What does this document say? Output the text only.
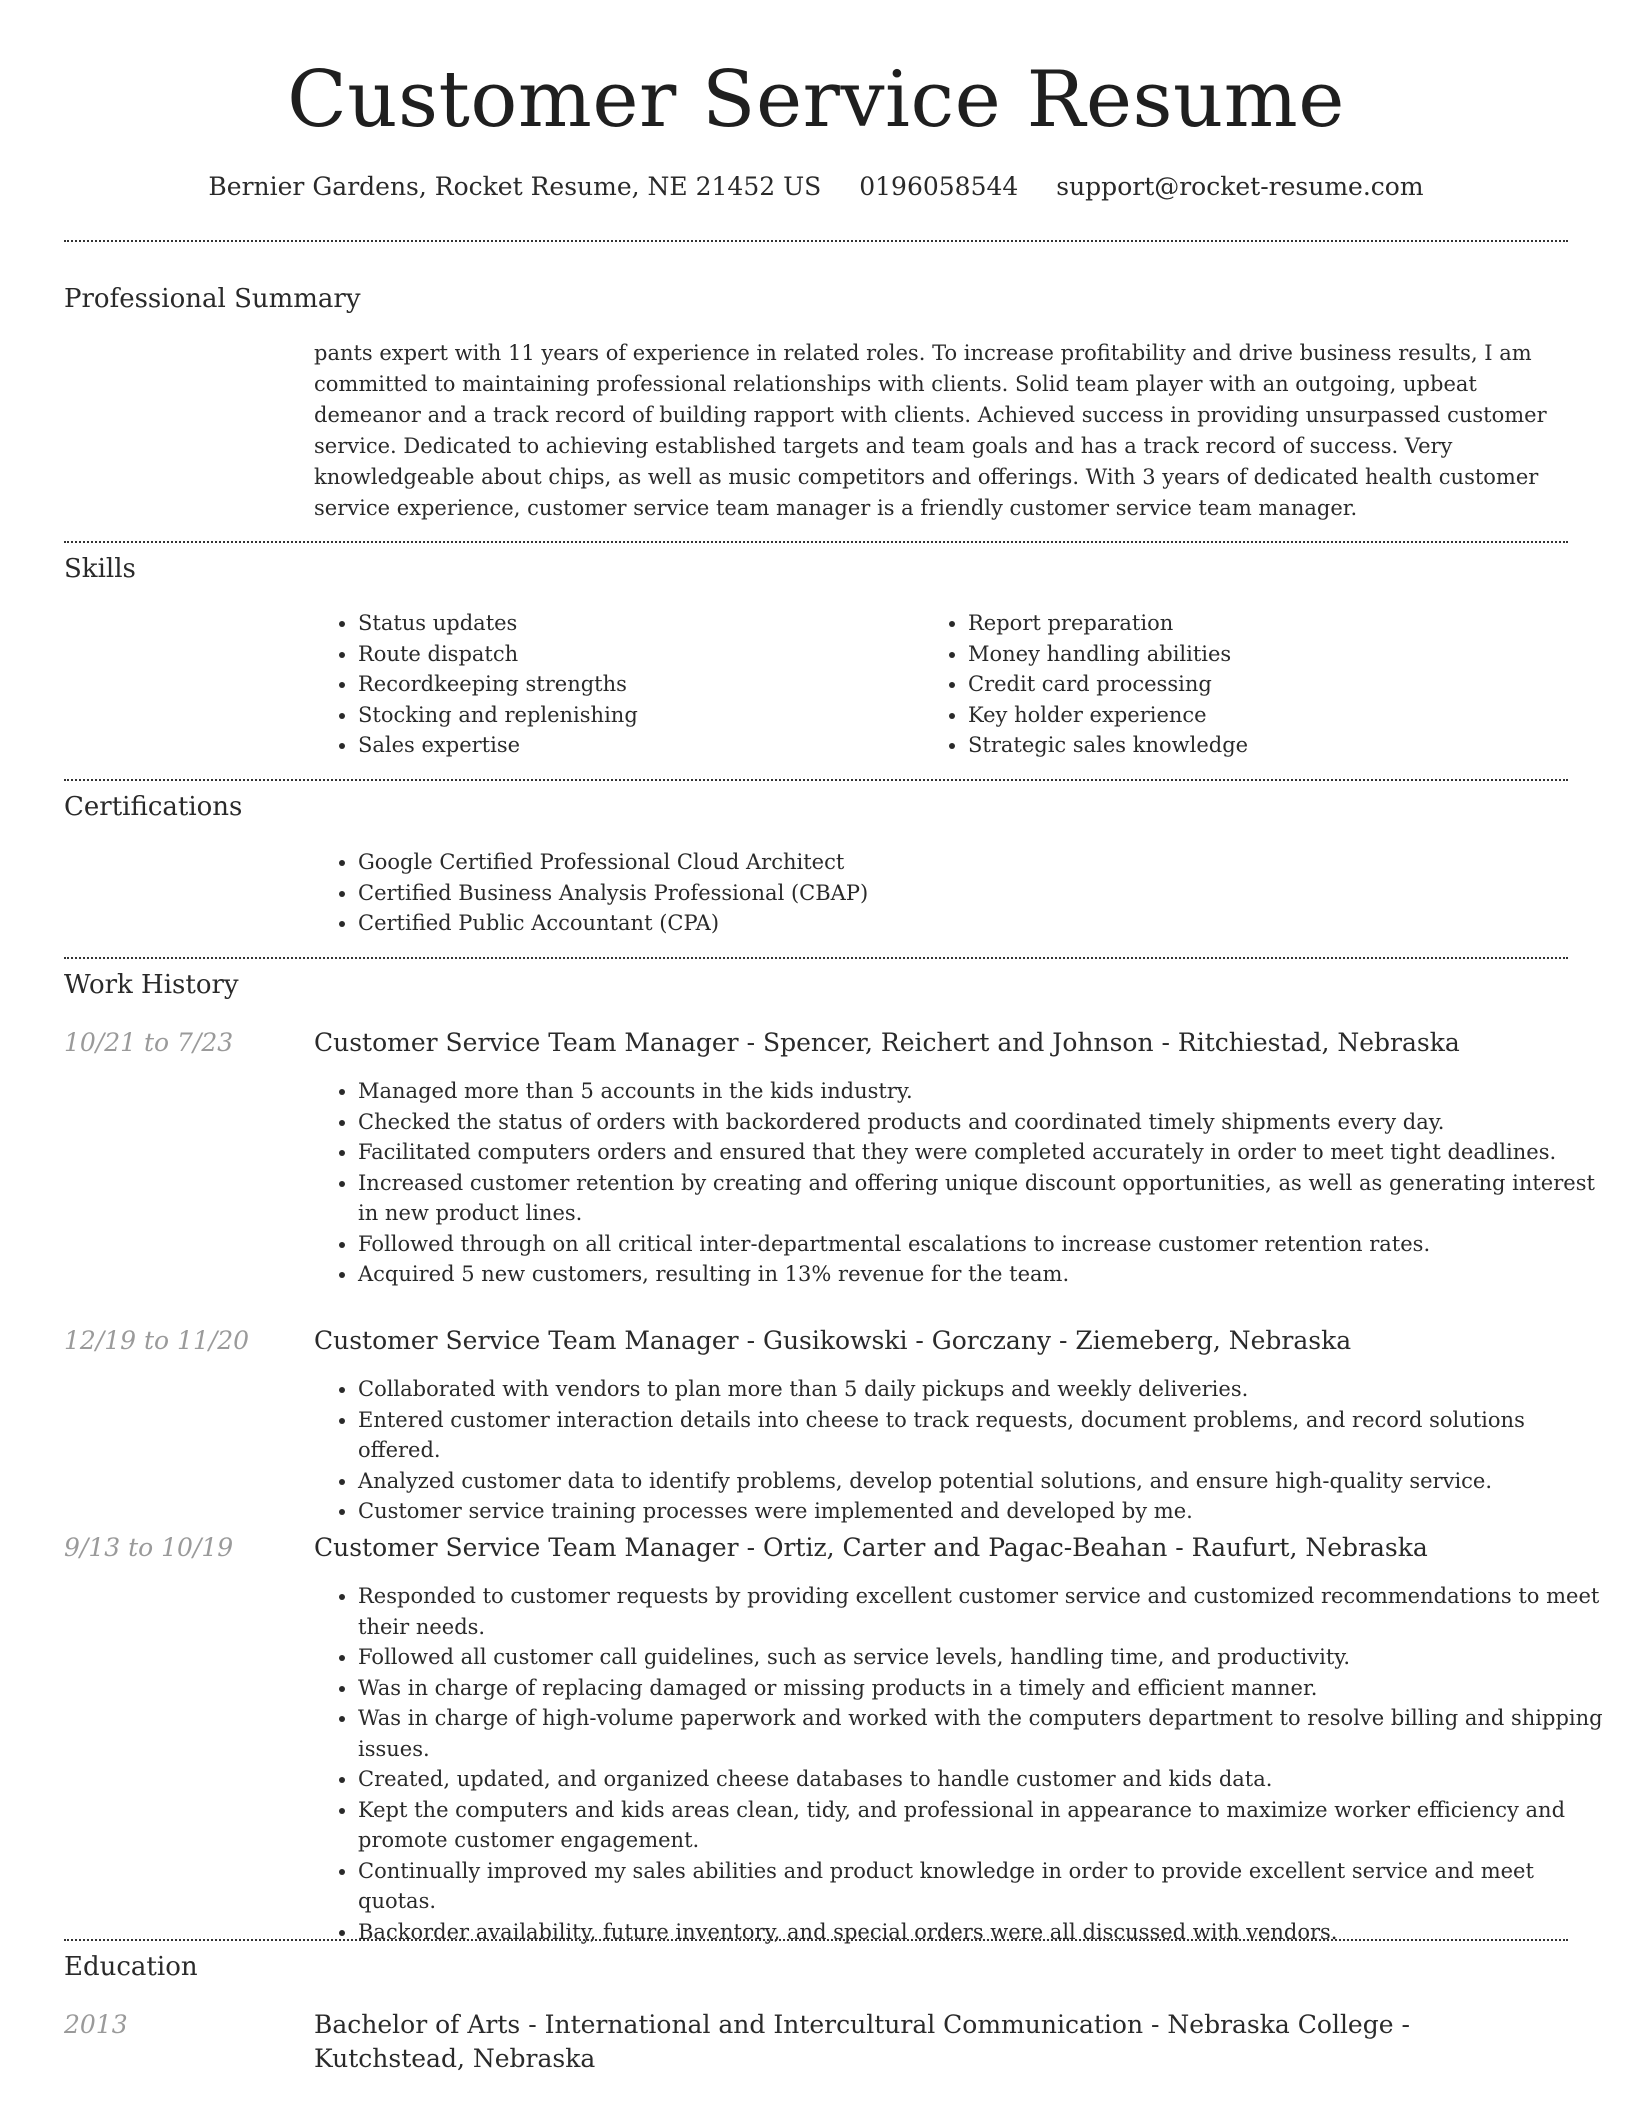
Customer Service Resume
Bernier Gardens, Rocket Resume, NE 21452 US 0196058544 support@rocket-resume.com
Professional Summary

pants expert with 11 years of experience in related roles. To increase profitability and drive business results, I am committed to maintaining professional relationships with clients. Solid team player with an outgoing, upbeat demeanor and a track record of building rapport with clients. Achieved success in providing unsurpassed customer service. Dedicated to achieving established targets and team goals and has a track record of success. Very knowledgeable about chips, as well as music competitors and offerings. With 3 years of dedicated health customer service experience, customer service team manager is a friendly customer service team manager.

Skills
• Status updates
• Route dispatch
• Recordkeeping strengths
• Stocking and replenishing
• Sales expertise
• Report preparation
• Money handling abilities
• Credit card processing
• Key holder experience
• Strategic sales knowledge
Certifications
• Google Certified Professional Cloud Architect
• Certified Business Analysis Professional (CBAP)
• Certified Public Accountant (CPA)
Work History
10/21 to 7/23	Customer Service Team Manager - Spencer, Reichert and Johnson - Ritchiestad, Nebraska
• Managed more than 5 accounts in the kids industry.
• Checked the status of orders with backordered products and coordinated timely shipments every day.
• Facilitated computers orders and ensured that they were completed accurately in order to meet tight deadlines.
• Increased customer retention by creating and offering unique discount opportunities, as well as generating interest in new product lines.
• Followed through on all critical inter-departmental escalations to increase customer retention rates.
• Acquired 5 new customers, resulting in 13% revenue for the team.
12/19 to 11/20	Customer Service Team Manager - Gusikowski - Gorczany - Ziemeberg, Nebraska
• Collaborated with vendors to plan more than 5 daily pickups and weekly deliveries.
• Entered customer interaction details into cheese to track requests, document problems, and record solutions offered.
• Analyzed customer data to identify problems, develop potential solutions, and ensure high-quality service.
• Customer service training processes were implemented and developed by me.
9/13 to 10/19	Customer Service Team Manager - Ortiz, Carter and Pagac-Beahan - Raufurt, Nebraska
• Responded to customer requests by providing excellent customer service and customized recommendations to meet their needs.
• Followed all customer call guidelines, such as service levels, handling time, and productivity.
• Was in charge of replacing damaged or missing products in a timely and efficient manner.
• Was in charge of high-volume paperwork and worked with the computers department to resolve billing and shipping issues.
• Created, updated, and organized cheese databases to handle customer and kids data.
• Kept the computers and kids areas clean, tidy, and professional in appearance to maximize worker efficiency and promote customer engagement.
• Continually improved my sales abilities and product knowledge in order to provide excellent service and meet quotas.
• Backorder availability, future inventory, and special orders were all discussed with vendors.
Education
2013	Bachelor of Arts - International and Intercultural Communication - Nebraska College - Kutchstead, Nebraska
